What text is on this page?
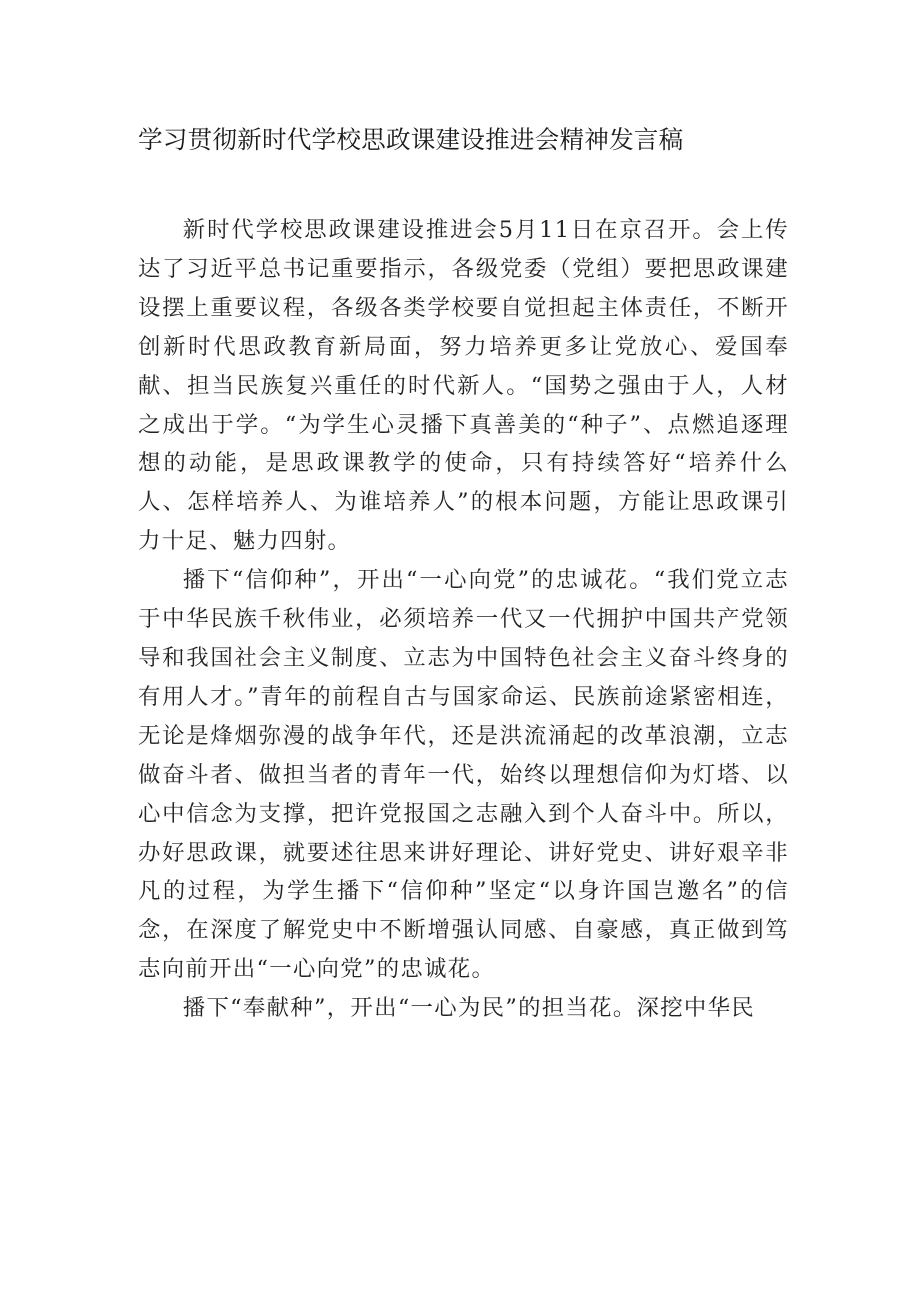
学习贯彻新时代学校思政课建设推进会精神发言稿

新时代学校思政课建设推进会5月11日在京召开。会上传达了习近平总书记重要指示，各级党委（党组）要把思政课建设摆上重要议程，各级各类学校要自觉担起主体责任，不断开创新时代思政教育新局面，努力培养更多让党放心、爱国奉献、担当民族复兴重任的时代新人。“国势之强由于人，人材之成出于学。“为学生心灵播下真善美的“种子”、点燃追逐理想的动能，是思政课教学的使命，只有持续答好“培养什么人、怎样培养人、为谁培养人”的根本问题，方能让思政课引力十足、魅力四射。

播下“信仰种”，开出“一心向党”的忠诚花。“我们党立志于中华民族千秋伟业，必须培养一代又一代拥护中国共产党领导和我国社会主义制度、立志为中国特色社会主义奋斗终身的有用人才。”青年的前程自古与国家命运、民族前途紧密相连，无论是烽烟弥漫的战争年代，还是洪流涌起的改革浪潮，立志做奋斗者、做担当者的青年一代，始终以理想信仰为灯塔、以心中信念为支撑，把许党报国之志融入到个人奋斗中。所以，办好思政课，就要述往思来讲好理论、讲好党史、讲好艰辛非凡的过程，为学生播下“信仰种”坚定“以身许国岂邀名”的信念，在深度了解党史中不断增强认同感、自豪感，真正做到笃志向前开出“一心向党”的忠诚花。

播下“奉献种”，开出“一心为民”的担当花。深挖中华民
